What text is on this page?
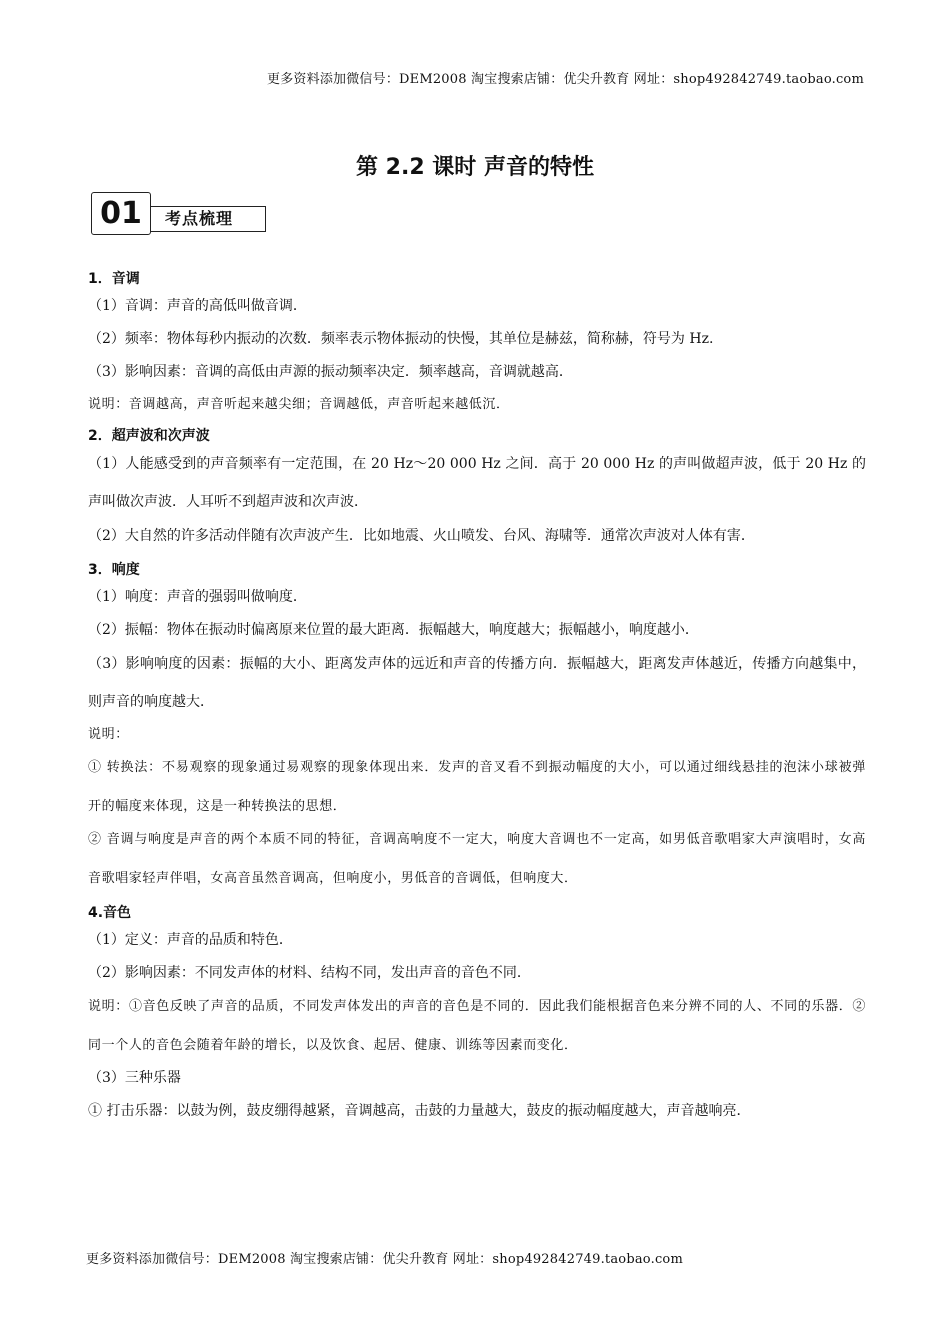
更多资料添加微信号：DEM2008 淘宝搜索店铺：优尖升教育 网址：shop492842749.taobao.com
第 2.2 课时 声音的特性
01	考点梳理
1．音调
（1）音调：声音的高低叫做音调．
（2）频率：物体每秒内振动的次数．频率表示物体振动的快慢，其单位是赫兹，简称赫，符号为 Hz.
（3）影响因素：音调的高低由声源的振动频率决定．频率越高，音调就越高．
说明：音调越高，声音听起来越尖细；音调越低，声音听起来越低沉．
2．超声波和次声波
（1）人能感受到的声音频率有一定范围，在 20 Hz～20 000 Hz 之间．高于 20 000 Hz 的声叫做超声波，低于 20 Hz 的声叫做次声波．人耳听不到超声波和次声波．
（2）大自然的许多活动伴随有次声波产生．比如地震、火山喷发、台风、海啸等．通常次声波对人体有害．
3．响度
（1）响度：声音的强弱叫做响度．
（2）振幅：物体在振动时偏离原来位置的最大距离．振幅越大，响度越大；振幅越小，响度越小．
（3）影响响度的因素：振幅的大小、距离发声体的远近和声音的传播方向．振幅越大，距离发声体越近，传播方向越集中，则声音的响度越大．
说明：
① 转换法：不易观察的现象通过易观察的现象体现出来．发声的音叉看不到振动幅度的大小，可以通过细线悬挂的泡沫小球被弹开的幅度来体现，这是一种转换法的思想．
② 音调与响度是声音的两个本质不同的特征，音调高响度不一定大，响度大音调也不一定高，如男低音歌唱家大声演唱时，女高音歌唱家轻声伴唱，女高音虽然音调高，但响度小，男低音的音调低，但响度大．
4.音色
（1）定义：声音的品质和特色．
（2）影响因素：不同发声体的材料、结构不同，发出声音的音色不同．
说明：①音色反映了声音的品质，不同发声体发出的声音的音色是不同的．因此我们能根据音色来分辨不同的人、不同的乐器．②同一个人的音色会随着年龄的增长，以及饮食、起居、健康、训练等因素而变化．
（3）三种乐器
① 打击乐器：以鼓为例，鼓皮绷得越紧，音调越高，击鼓的力量越大，鼓皮的振动幅度越大，声音越响亮．
更多资料添加微信号：DEM2008 淘宝搜索店铺：优尖升教育 网址：shop492842749.taobao.com
